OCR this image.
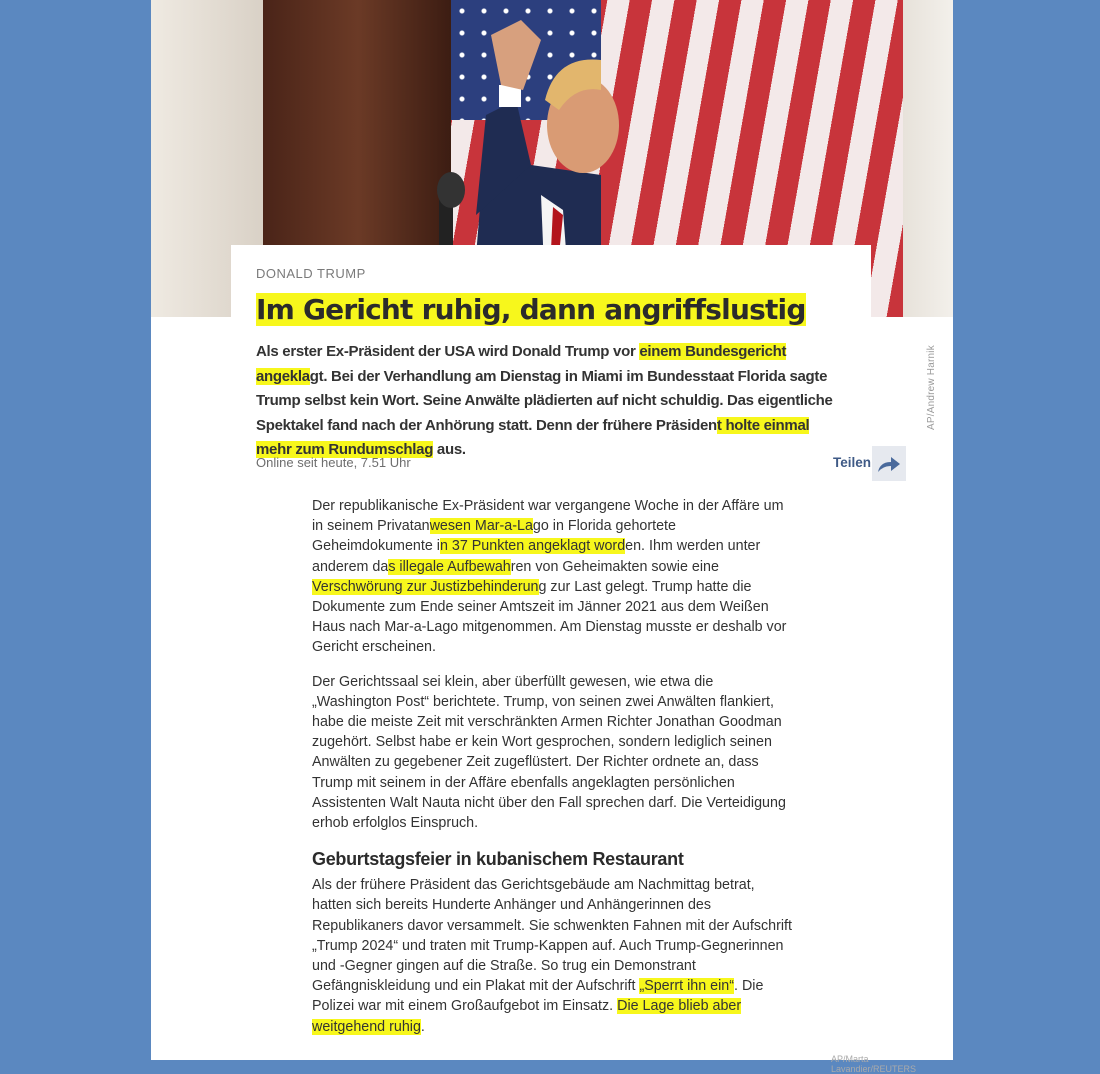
AP/Andrew Harnik
DONALD TRUMP
Im Gericht ruhig, dann angriffslustig
Als erster Ex-Präsident der USA wird Donald Trump vor einem Bundesgericht angeklagt. Bei der Verhandlung am Dienstag in Miami im Bundesstaat Florida sagte Trump selbst kein Wort. Seine Anwälte plädierten auf nicht schuldig. Das eigentliche Spektakel fand nach der Anhörung statt. Denn der frühere Präsident holte einmal mehr zum Rundumschlag aus.
Online seit heute, 7.51 Uhr	Teilen

Der republikanische Ex-Präsident war vergangene Woche in der Affäre um in seinem Privatanwesen Mar-a-Lago in Florida gehortete Geheimdokumente in 37 Punkten angeklagt worden. Ihm werden unter anderem das illegale Aufbewahren von Geheimakten sowie eine Verschwörung zur Justizbehinderung zur Last gelegt. Trump hatte die Dokumente zum Ende seiner Amtszeit im Jänner 2021 aus dem Weißen Haus nach Mar-a-Lago mitgenommen. Am Dienstag musste er deshalb vor Gericht erscheinen.

Der Gerichtssaal sei klein, aber überfüllt gewesen, wie etwa die „Washington Post“ berichtete. Trump, von seinen zwei Anwälten flankiert, habe die meiste Zeit mit verschränkten Armen Richter Jonathan Goodman zugehört. Selbst habe er kein Wort gesprochen, sondern lediglich seinen Anwälten zu gegebener Zeit zugeflüstert. Der Richter ordnete an, dass Trump mit seinem in der Affäre ebenfalls angeklagten persönlichen Assistenten Walt Nauta nicht über den Fall sprechen darf. Die Verteidigung erhob erfolglos Einspruch.

Geburtstagsfeier in kubanischem Restaurant

Als der frühere Präsident das Gerichtsgebäude am Nachmittag betrat, hatten sich bereits Hunderte Anhänger und Anhängerinnen des Republikaners davor versammelt. Sie schwenkten Fahnen mit der Aufschrift „Trump 2024“ und traten mit Trump-Kappen auf. Auch Trump-Gegnerinnen und -Gegner gingen auf die Straße. So trug ein Demonstrant Gefängniskleidung und ein Plakat mit der Aufschrift „Sperrt ihn ein“. Die Polizei war mit einem Großaufgebot im Einsatz. Die Lage blieb aber weitgehend ruhig.

AP/Marta Lavandier/REUTERS
